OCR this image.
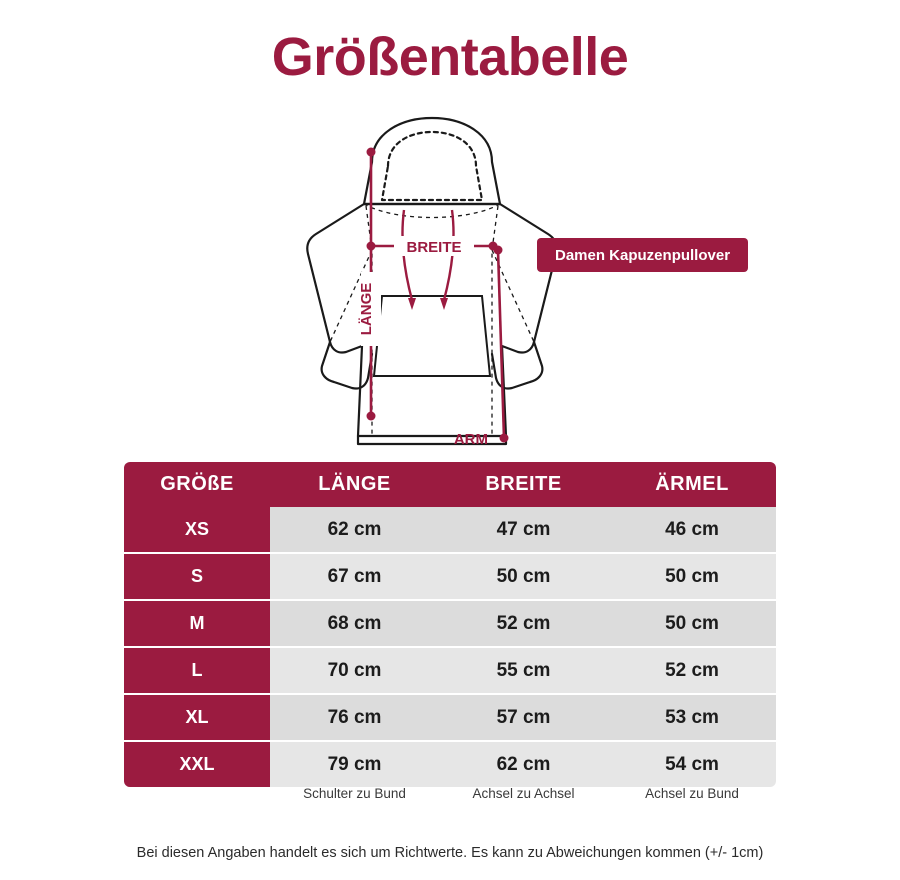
Größentabelle
BREITE
LÄNGE
ARM
Damen Kapuzenpullover
GRÖßE	LÄNGE	BREITE	ÄRMEL
XS	62 cm	47 cm	46 cm
S	67 cm	50 cm	50 cm
M	68 cm	52 cm	50 cm
L	70 cm	55 cm	52 cm
XL	76 cm	57 cm	53 cm
XXL	79 cm	62 cm	54 cm
Schulter zu Bund	Achsel zu Achsel	Achsel zu Bund
Bei diesen Angaben handelt es sich um Richtwerte. Es kann zu Abweichungen kommen (+/- 1cm)
